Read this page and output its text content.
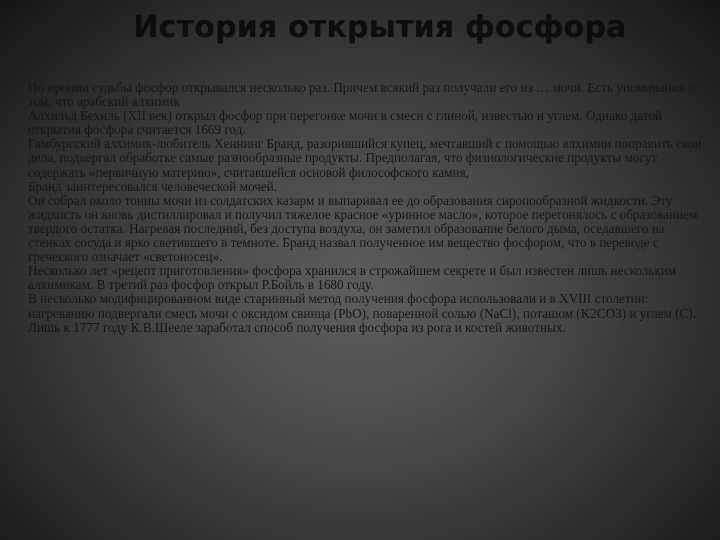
История открытия фосфора

По иронии судьбы фосфор открывался несколько раз. Причем всякий раз получали его из … мочи. Есть упоминания о том, что арабский алхимик

Алхильд Бехиль (XII век) открыл фосфор при перегонке мочи в смеси с глиной, известью и углем. Однако датой открытия фосфора считается 1669 год.

Гамбургский алхимик-любитель Хеннинг Бранд, разорившийся купец, мечтавший с помощью алхимии поправить свои дела, подвергал обработке самые разнообразные продукты. Предполагая, что физиологические продукты могут содержать «первичную материю», считавшейся основой философского камня,

Бранд заинтересовался человеческой мочей.

Он собрал около тонны мочи из солдатских казарм и выпаривал ее до образования сиропообразной жидкости. Эту жидкость он вновь дистиллировал и получил тяжелое красное «уринное масло», которое перегонялось с образованием твердого остатка. Нагревая последний, без доступа воздуха, он заметил образование белого дыма, оседавшего на стенках сосуда и ярко светившего в темноте. Бранд назвал полученное им вещество фосфором, что в переводе с греческого означает «светоносец».

Несколько лет «рецепт приготовления» фосфора хранился в строжайшем секрете и был известен лишь нескольким алхимикам. В третий раз фосфор открыл Р.Бойль в 1680 году.

В несколько модифицированном виде старинный метод получения фосфора использовали и в XVIII столетии: нагреванию подвергали смесь мочи с оксидом свинца (PbO), поваренной солью (NaCl), поташом (K2CO3) и углем (C). Лишь к 1777 году К.В.Шееле заработал способ получения фосфора из рога и костей животных.
